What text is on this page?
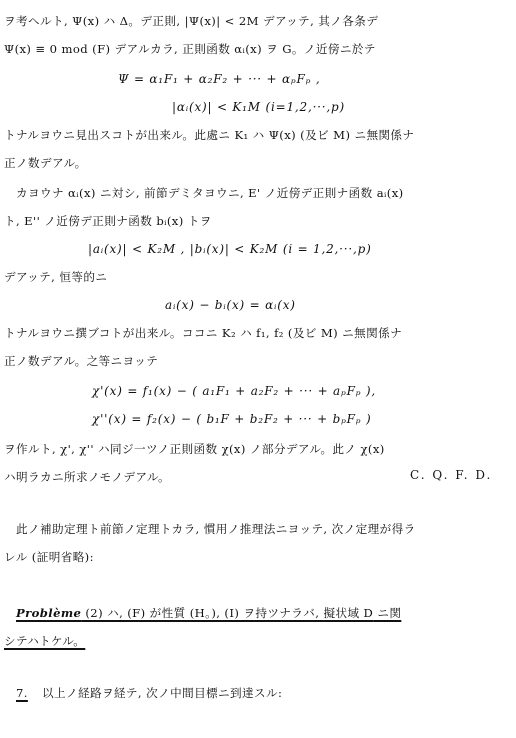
ヲ考ヘルト, Ψ(x) ハ Δ。デ正則, |Ψ(x)| < 2M デアッテ, 其ノ各条デ
Ψ(x) ≡ 0 mod (F) デアルカラ, 正則函数 αᵢ(x) ヲ G。ノ近傍ニ於テ
Ψ = α₁F₁ + α₂F₂ + ··· + αₚFₚ ,
|αᵢ(x)| < K₁M (i=1,2,···,p)
トナルヨウニ見出スコトが出来ル。此處ニ K₁ ハ Ψ(x) (及ビ M) ニ無関係ナ
正ノ数デアル。
カヨウナ αᵢ(x) ニ対シ, 前節デミタヨウニ, E' ノ近傍デ正則ナ函数 aᵢ(x)
ト, E'' ノ近傍デ正則ナ函数 bᵢ(x) トヲ
|aᵢ(x)| < K₂M , |bᵢ(x)| < K₂M (i = 1,2,···,p)
デアッテ, 恒等的ニ
aᵢ(x) − bᵢ(x) = αᵢ(x)
トナルヨウニ撰ブコトが出来ル。ココニ K₂ ハ f₁, f₂ (及ビ M) ニ無関係ナ
正ノ数デアル。之等ニヨッテ
χ'(x) = f₁(x) − ( a₁F₁ + a₂F₂ + ··· + aₚFₚ ),
χ''(x) = f₂(x) − ( b₁F + b₂F₂ + ··· + bₚFₚ )
ヲ作ルト, χ', χ'' ハ同ジ一ツノ正則函数 χ(x) ノ部分デアル。此ノ χ(x)
ハ明ラカニ所求ノモノデアル。	C. Q. F. D.
此ノ補助定理ト前節ノ定理トカラ, 慣用ノ推理法ニヨッテ, 次ノ定理が得ラ
レル (証明省略):
Problème (2) ハ, (F) が性質 (H。), (I) ヲ持ツナラバ, 擬状域 D ニ関
シテハトケル。
7. 以上ノ経路ヲ経テ, 次ノ中間目標ニ到達スル:
